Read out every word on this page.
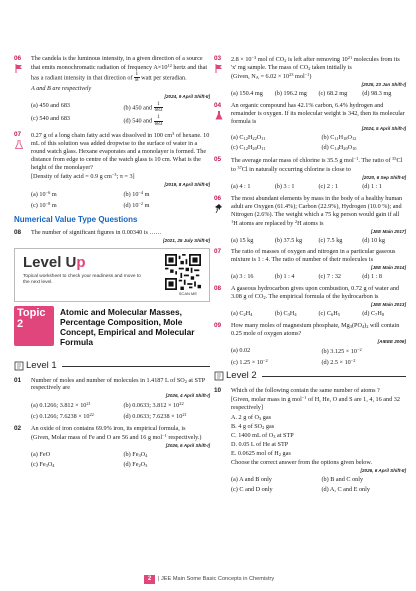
06 The candela is the luminous intensity, in a given direction of a source that emits monochromatic radiation of frequency $A\times 10^{12}$ hertz and that has a radiant intensity in that direction of $\frac{1}{B}$ watt per steradian.
A and B are respectively
[2024, 9 April Shift-II]
(a) 450 and 683	(b) 450 and $\frac{1}{683}$
(c) 540 and 683	(d) 540 and $\frac{1}{683}$
07 0.27 g of a long chain fatty acid was dissolved in 100 $cm^3$ of hexane. 10 mL of this solution was added dropwise to the surface of water in a round watch glass. Hexane evaporates and a monolayer is formed. The distance from edge to centre of the watch glass is 10 cm. What is the height of the monolayer?
[Density of fatty acid = 0.9 g $cm^{-3}$; π = 3]
[2019, 8 April Shift-II]
(a) $10^{-6}$ m	(b) $10^{-4}$ m
(c) $10^{-8}$ m	(d) $10^{-2}$ m
Numerical Value Type Questions
08 The number of significant figures in 0.00340 is ……
[2021, 25 July Shift-II]
Level Up
Topical worksheet to check your readiness and move to the next level.
SCAN ME
Topic 2
Atomic and Molecular Masses, Percentage Composition, Mole Concept, Empirical and Molecular Formula
Level 1
01 Number of moles and number of molecules in 1.4187 L of $SO_2$ at STP respectively are
[2026, 4 April Shift-I]
(a) 0.1266; $3.812 \times 10^{21}$	(b) 0.0633; $3.812 \times 10^{22}$
(c) 0.1266; $7.6238 \times 10^{22}$	(d) 0.0633; $7.6238 \times 10^{21}$
02 An oxide of iron contains 69.9% iron, its empirical formula, is
(Given, Molar mass of Fe and O are 56 and 16 g mol$^{-1}$ respectively.)
[2026, 6 April Shift-I]
(a) FeO	(b) $Fe_3O_4$
(c) $Fe_3O_4$	(d) $Fe_2O_3$
03 $2.8 \times 10^{-3}$ mol of $CO_2$ is left after removing $10^{21}$ molecules from its 'x' mg sample. The mass of $CO_2$ taken initially is
(Given, $N_A = 6.02 \times 10^{23}$ mol$^{-1}$)
[2025, 23 Jan Shift-I]
(a) 150.4 mg	(b) 196.2 mg	(c) 68.2 mg	(d) 98.3 mg
04 An organic compound has 42.1% carbon, 6.4% hydrogen and remainder is oxygen. If its molecular weight is 342, then its molecular formula is
[2024, 5 April Shift-I]
(a) $C_{12}H_{22}O_{11}$	(b) $C_{11}H_{18}O_{12}$
(c) $C_{12}H_{20}O_{11}$	(d) $C_{14}H_{20}O_{10}$
05 The average molar mass of chlorine is 35.5 g mol$^{-1}$. The ratio of $^{35}$Cl to $^{37}$Cl in naturally occurring chlorine is close to
[2020, 6 Sep Shift-II]
(a) 4 : 1	(b) 3 : 1	(c) 2 : 1	(d) 1 : 1
06 The most abundant elements by mass in the body of a healthy human adult are Oxygen (61.4%); Carbon (22.9%), Hydrogen (10.0 %); and Nitrogen (2.6%). The weight which a 75 kg person would gain if all $^1$H atoms are replaced by $^2$H atoms is
[JEE Main 2017]
(a) 15 kg	(b) 37.5 kg	(c) 7.5 kg	(d) 10 kg
07 The ratio of masses of oxygen and nitrogen in a particular gaseous mixture is 1 : 4. The ratio of number of their molecules is
[JEE Main 2014]
(a) 3 : 16	(b) 1 : 4	(c) 7 : 32	(d) 1 : 8
08 A gaseous hydrocarbon gives upon combustion, 0.72 g of water and 3.08 g of $CO_2$. The empirical formula of the hydrocarbon is
[JEE Main 2013]
(a) $C_2H_4$	(b) $C_3H_4$	(c) $C_6H_5$	(d) $C_7H_8$
09 How many moles of magnesium phosphate, $Mg_3(PO_4)_2$ will contain 0.25 mole of oxygen atoms?
[AIEEE 2006]
(a) 0.02	(b) $3.125 \times 10^{-2}$
(c) $1.25 \times 10^{-2}$	(d) $2.5 \times 10^{-2}$
Level 2
10 Which of the following contain the same number of atoms ?
[Given, molar mass in g mol$^{-1}$ of H, He, O and S are 1, 4, 16 and 32 respectively]
A. 2 g of $O_3$ gas
B. 4 g of $SO_2$ gas
C. 1400 mL of $O_3$ at STP
D. 0.05 L of He at STP
E. 0.0625 mol of $H_2$ gas
Choose the correct answer from the options given below.
[2026, 6 April Shift-II]
(a) A and B only	(b) B and C only
(c) C and D only	(d) A, C and E only
2 | JEE Main Some Basic Concepts in Chemistry
